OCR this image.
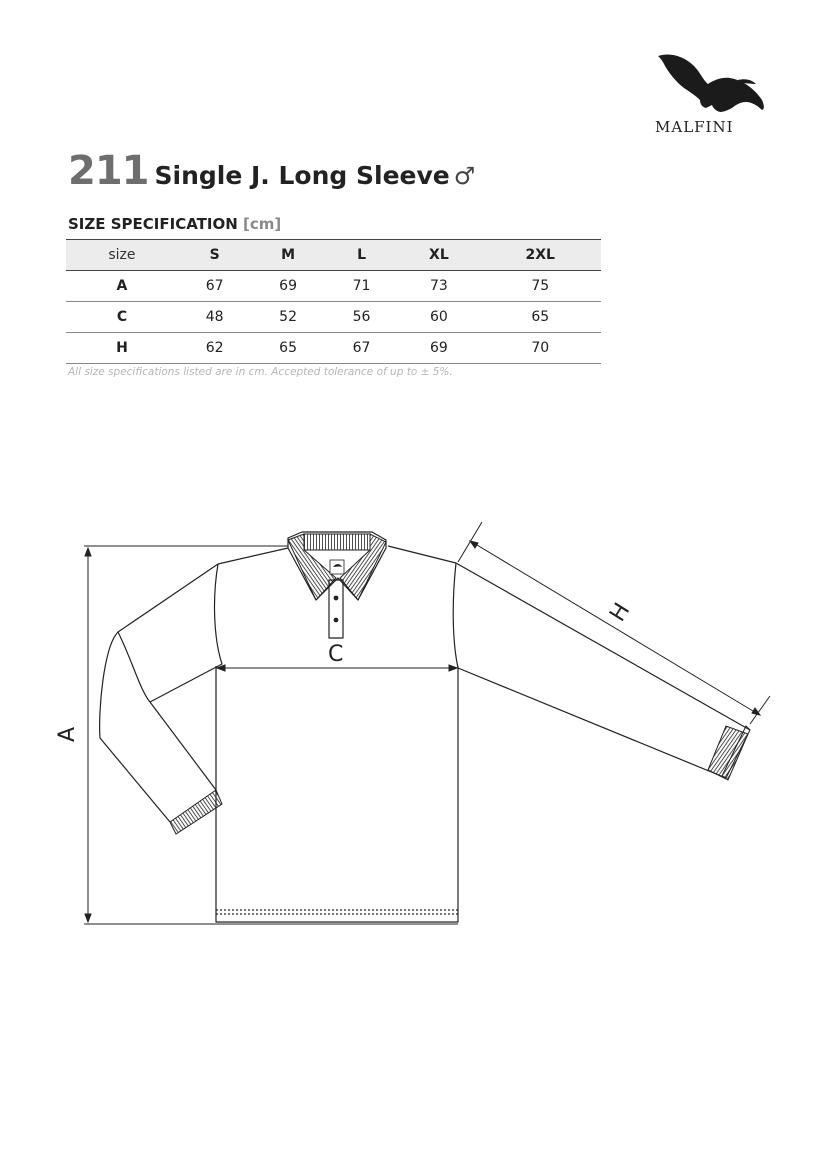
MALFINI
211 Single J. Long Sleeve ♂
SIZE SPECIFICATION [cm]
size	S	M	L	XL	2XL
A	67	69	71	73	75
C	48	52	56	60	65
H	62	65	67	69	70
All size specifications listed are in cm. Accepted tolerance of up to ± 5%.
A
C
H
